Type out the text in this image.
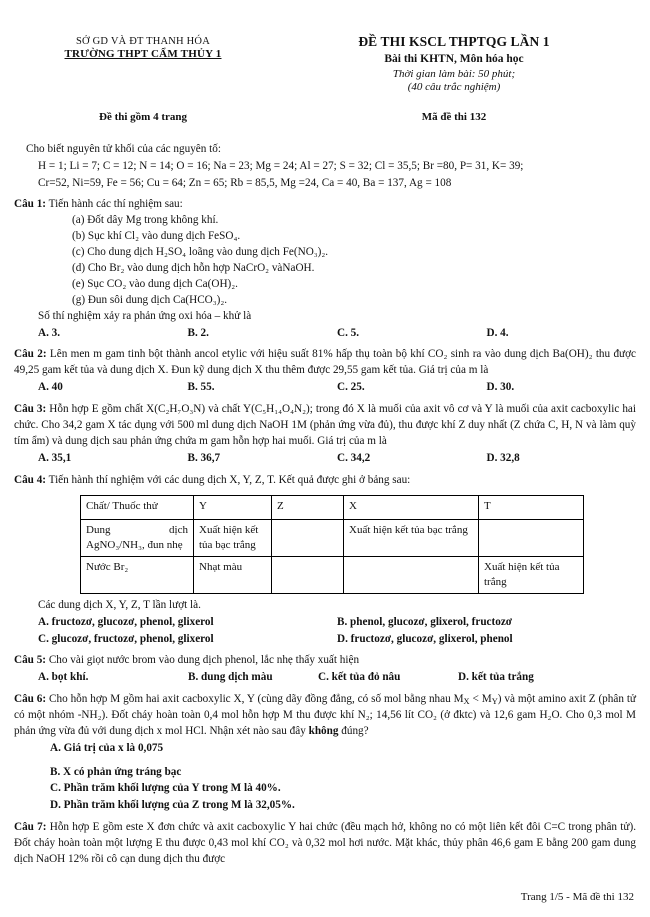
SỞ GD VÀ ĐT THANH HÓA
TRƯỜNG THPT CẨM THỦY 1
ĐỀ THI KSCL THPTQG LẦN 1
Bài thi KHTN, Môn hóa học
Thời gian làm bài: 50 phút;
(40 câu trắc nghiệm)
Đề thi gồm 4 trang	Mã đề thi 132
Cho biết nguyên tử khối của các nguyên tố:
H = 1; Li = 7; C = 12; N = 14; O = 16; Na = 23; Mg = 24; Al = 27; S = 32; Cl = 35,5; Br =80, P= 31, K= 39;
Cr=52, Ni=59, Fe = 56; Cu = 64; Zn = 65; Rb = 85,5, Mg =24, Ca = 40, Ba = 137, Ag = 108
Câu 1: Tiến hành các thí nghiệm sau:
(a) Đốt dây Mg trong không khí.
(b) Sục khí Cl₂ vào dung dịch FeSO₄.
(c) Cho dung dịch H₂SO₄ loãng vào dung dịch Fe(NO₃)₂.
(d) Cho Br₂ vào dung dịch hỗn hợp NaCrO₂ vàNaOH.
(e) Sục CO₂ vào dung dịch Ca(OH)₂.
(g) Đun sôi dung dịch Ca(HCO₃)₂.
Số thí nghiệm xảy ra phản ứng oxi hóa – khử là
A. 3.	B. 2.	C. 5.	D. 4.
Câu 2: Lên men m gam tinh bột thành ancol etylic với hiệu suất 81% hấp thụ toàn bộ khí CO₂ sinh ra vào dung dịch Ba(OH)₂ thu được 49,25 gam kết tủa và dung dịch X. Đun kỹ dung dịch X thu thêm được 29,55 gam kết tủa. Giá trị của m là
A. 40	B. 55.	C. 25.	D. 30.
Câu 3: Hỗn hợp E gồm chất X(C₂H₇O₃N) và chất Y(C₅H₁₄O₄N₂); trong đó X là muối của axit vô cơ và Y là muối của axit cacboxylic hai chức. Cho 34,2 gam X tác dụng với 500 ml dung dịch NaOH 1M (phản ứng vừa đủ), thu được khí Z duy nhất (Z chứa C, H, N và làm quỳ tím ẩm) và dung dịch sau phản ứng chứa m gam hỗn hợp hai muối. Giá trị của m là
A. 35,1	B. 36,7	C. 34,2	D. 32,8
Câu 4: Tiến hành thí nghiệm với các dung dịch X, Y, Z, T. Kết quả được ghi ở bảng sau:
Chất/ Thuốc thử	Y	Z	X	T

Dung dịch
AgNO₃/NH₃, đun nhẹ	Xuất hiện kết tủa bạc trắng		Xuất hiện kết tủa bạc trắng	
Nước Br₂	Nhạt màu			Xuất hiện kết tủa trắng
Các dung dịch X, Y, Z, T lần lượt là.
A. fructozơ, glucozơ, phenol, glixerol	B. phenol, glucozơ, glixerol, fructozơ
C. glucozơ, fructozơ, phenol, glixerol	D. fructozơ, glucozơ, glixerol, phenol
Câu 5: Cho vài giọt nước brom vào dung dịch phenol, lắc nhẹ thấy xuất hiện
A. bọt khí.	B. dung dịch màu	C. kết tủa đỏ nâu	D. kết tủa trắng
Câu 6: Cho hỗn hợp M gồm hai axit cacboxylic X, Y (cùng dãy đồng đẳng, có số mol bằng nhau $M_X < M_Y$) và một amino axit Z (phân tử có một nhóm -NH₂). Đốt cháy hoàn toàn 0,4 mol hỗn hợp M thu được khí N₂; 14,56 lít CO₂ (ở đktc) và 12,6 gam H₂O. Cho 0,3 mol M phản ứng vừa đủ với dung dịch x mol HCl. Nhận xét nào sau đây không đúng?
A. Giá trị của x là 0,075
B. X có phản ứng tráng bạc
C. Phần trăm khối lượng của Y trong M là 40%.
D. Phần trăm khối lượng của Z trong M là 32,05%.
Câu 7: Hỗn hợp E gồm este X đơn chức và axit cacboxylic Y hai chức (đều mạch hở, không no có một liên kết đôi C=C trong phân tử). Đốt cháy hoàn toàn một lượng E thu được 0,43 mol khí CO₂ và 0,32 mol hơi nước. Mặt khác, thủy phân 46,6 gam E bằng 200 gam dung dịch NaOH 12% rồi cô cạn dung dịch thu được
Trang 1/5 - Mã đề thi 132
